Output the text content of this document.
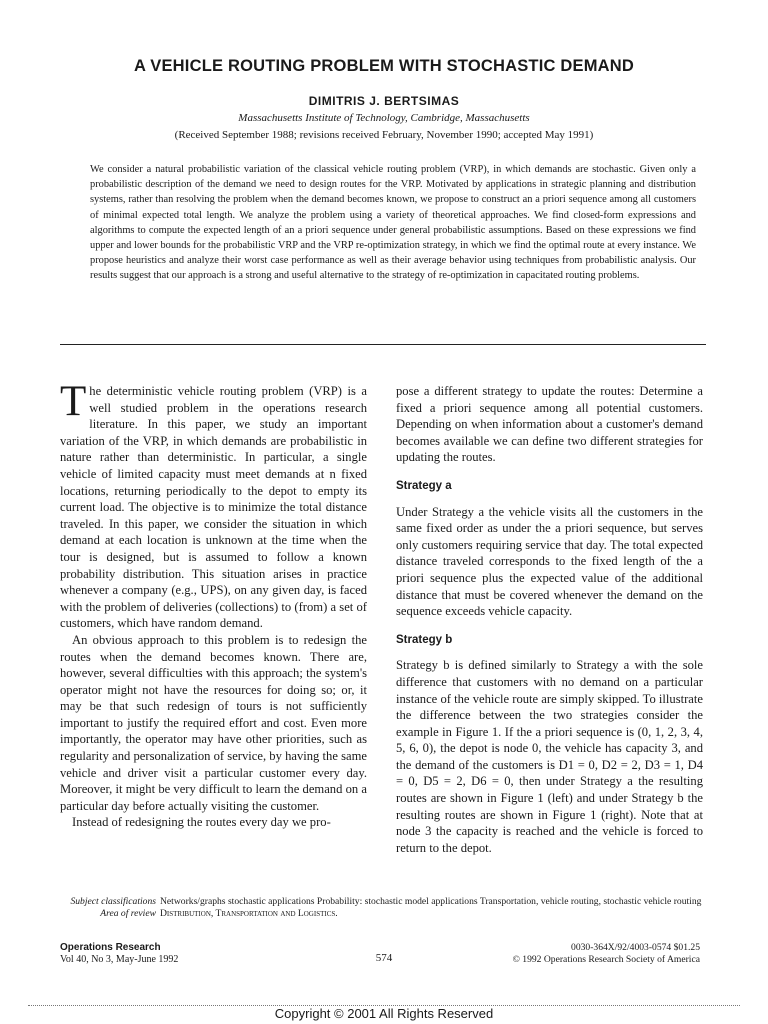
A VEHICLE ROUTING PROBLEM WITH STOCHASTIC DEMAND
DIMITRIS J. BERTSIMAS
Massachusetts Institute of Technology, Cambridge, Massachusetts
(Received September 1988; revisions received February, November 1990; accepted May 1991)
We consider a natural probabilistic variation of the classical vehicle routing problem (VRP), in which demands are stochastic. Given only a probabilistic description of the demand we need to design routes for the VRP. Motivated by applications in strategic planning and distribution systems, rather than resolving the problem when the demand becomes known, we propose to construct an a priori sequence among all customers of minimal expected total length. We analyze the problem using a variety of theoretical approaches. We find closed-form expressions and algorithms to compute the expected length of an a priori sequence under general probabilistic assumptions. Based on these expressions we find upper and lower bounds for the probabilistic VRP and the VRP re-optimization strategy, in which we find the optimal route at every instance. We propose heuristics and analyze their worst case performance as well as their average behavior using techniques from probabilistic analysis. Our results suggest that our approach is a strong and useful alternative to the strategy of re-optimization in capacitated routing problems.

The deterministic vehicle routing problem (VRP) is a well studied problem in the operations research literature. In this paper, we study an important variation of the VRP, in which demands are probabilistic in nature rather than deterministic. In particular, a single vehicle of limited capacity must meet demands at n fixed locations, returning periodically to the depot to empty its current load. The objective is to minimize the total distance traveled. In this paper, we consider the situation in which demand at each location is unknown at the time when the tour is designed, but is assumed to follow a known probability distribution. This situation arises in practice whenever a company (e.g., UPS), on any given day, is faced with the problem of deliveries (collections) to (from) a set of customers, which have random demand.

An obvious approach to this problem is to redesign the routes when the demand becomes known. There are, however, several difficulties with this approach; the system's operator might not have the resources for doing so; or, it may be that such redesign of tours is not sufficiently important to justify the required effort and cost. Even more importantly, the operator may have other priorities, such as regularity and personalization of service, by having the same vehicle and driver visit a particular customer every day. Moreover, it might be very difficult to learn the demand on a particular day before actually visiting the customer.

Instead of redesigning the routes every day we pro-

pose a different strategy to update the routes: Determine a fixed a priori sequence among all potential customers. Depending on when information about a customer's demand becomes available we can define two different strategies for updating the routes.

Strategy a

Under Strategy a the vehicle visits all the customers in the same fixed order as under the a priori sequence, but serves only customers requiring service that day. The total expected distance traveled corresponds to the fixed length of the a priori sequence plus the expected value of the additional distance that must be covered whenever the demand on the sequence exceeds vehicle capacity.

Strategy b

Strategy b is defined similarly to Strategy a with the sole difference that customers with no demand on a particular instance of the vehicle route are simply skipped. To illustrate the difference between the two strategies consider the example in Figure 1. If the a priori sequence is (0, 1, 2, 3, 4, 5, 6, 0), the depot is node 0, the vehicle has capacity 3, and the demand of the customers is D1 = 0, D2 = 2, D3 = 1, D4 = 0, D5 = 2, D6 = 0, then under Strategy a the resulting routes are shown in Figure 1 (left) and under Strategy b the resulting routes are shown in Figure 1 (right). Note that at node 3 the capacity is reached and the vehicle is forced to return to the depot.

Subject classifications Networks/graphs stochastic applications Probability: stochastic model applications Transportation, vehicle routing, stochastic vehicle routing
Area of review Distribution, Transportation and Logistics.
Operations Research
Vol 40, No 3, May-June 1992	574
0030-364X/92/4003-0574 $01.25
© 1992 Operations Research Society of America
Copyright © 2001 All Rights Reserved
